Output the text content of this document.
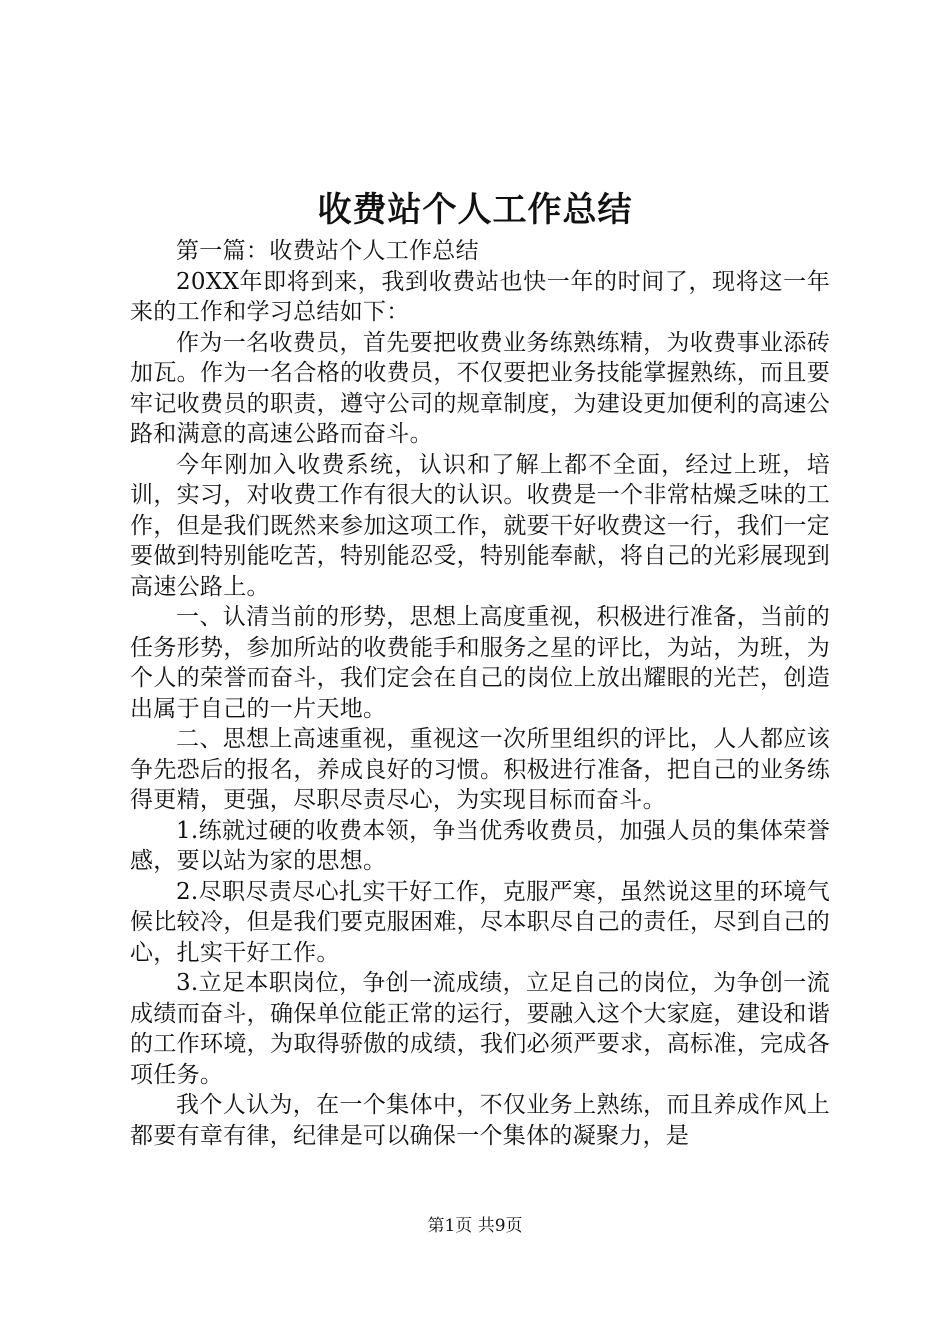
收费站个人工作总结

第一篇：收费站个人工作总结

20XX年即将到来，我到收费站也快一年的时间了，现将这一年来的工作和学习总结如下：

作为一名收费员，首先要把收费业务练熟练精，为收费事业添砖加瓦。作为一名合格的收费员，不仅要把业务技能掌握熟练，而且要牢记收费员的职责，遵守公司的规章制度，为建设更加便利的高速公路和满意的高速公路而奋斗。

今年刚加入收费系统，认识和了解上都不全面，经过上班，培训，实习，对收费工作有很大的认识。收费是一个非常枯燥乏味的工作，但是我们既然来参加这项工作，就要干好收费这一行，我们一定要做到特别能吃苦，特别能忍受，特别能奉献，将自己的光彩展现到高速公路上。

一、认清当前的形势，思想上高度重视，积极进行准备，当前的任务形势，参加所站的收费能手和服务之星的评比，为站，为班，为个人的荣誉而奋斗，我们定会在自己的岗位上放出耀眼的光芒，创造出属于自己的一片天地。

二、思想上高速重视，重视这一次所里组织的评比，人人都应该争先恐后的报名，养成良好的习惯。积极进行准备，把自己的业务练得更精，更强，尽职尽责尽心，为实现目标而奋斗。

1.练就过硬的收费本领，争当优秀收费员，加强人员的集体荣誉感，要以站为家的思想。

2.尽职尽责尽心扎实干好工作，克服严寒，虽然说这里的环境气候比较冷，但是我们要克服困难，尽本职尽自己的责任，尽到自己的心，扎实干好工作。

3.立足本职岗位，争创一流成绩，立足自己的岗位，为争创一流成绩而奋斗，确保单位能正常的运行，要融入这个大家庭，建设和谐的工作环境，为取得骄傲的成绩，我们必须严要求，高标准，完成各项任务。

我个人认为，在一个集体中，不仅业务上熟练，而且养成作风上都要有章有律，纪律是可以确保一个集体的凝聚力，是

第1页 共9页
